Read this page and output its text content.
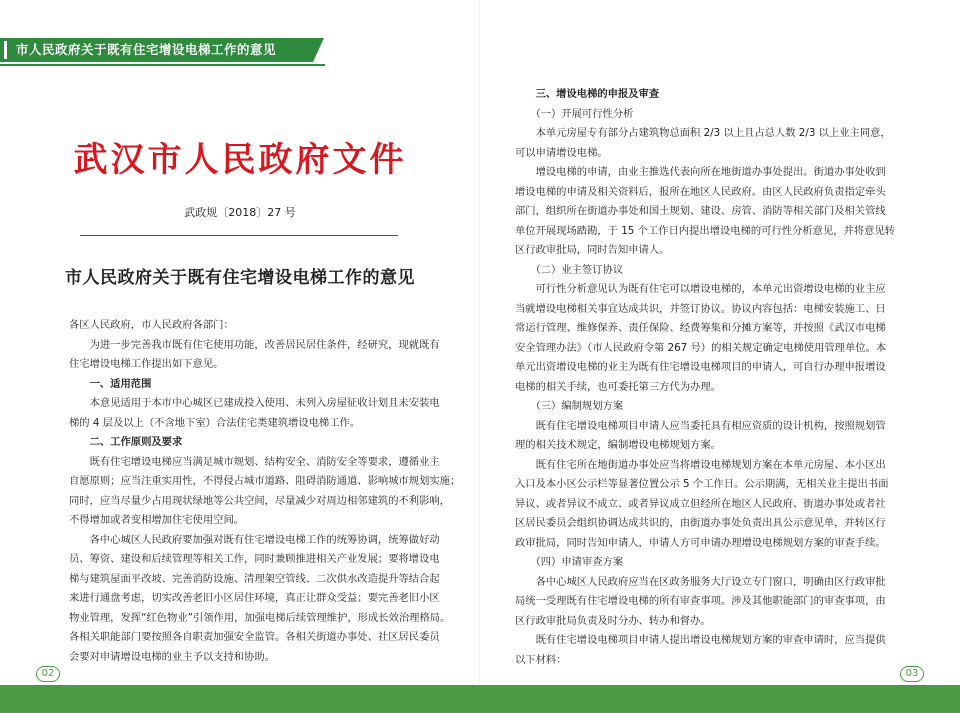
市人民政府关于既有住宅增设电梯工作的意见
武汉市人民政府文件
武政规〔2018〕27 号
市人民政府关于既有住宅增设电梯工作的意见
各区人民政府，市人民政府各部门：
　　为进一步完善我市既有住宅使用功能，改善居民居住条件，经研究，现就既有
住宅增设电梯工作提出如下意见。
　　一、适用范围
　　本意见适用于本市中心城区已建成投入使用、未列入房屋征收计划且未安装电
梯的 4 层及以上（不含地下室）合法住宅类建筑增设电梯工作。
　　二、工作原则及要求
　　既有住宅增设电梯应当满足城市规划、结构安全、消防安全等要求，遵循业主
自愿原则；应当注重实用性，不得侵占城市道路、阻碍消防通道、影响城市规划实施；
同时，应当尽量少占用现状绿地等公共空间，尽量减少对周边相邻建筑的不利影响，
不得增加或者变相增加住宅使用空间。
　　各中心城区人民政府要加强对既有住宅增设电梯工作的统筹协调，统筹做好动
员、筹资、建设和后续管理等相关工作，同时兼顾推进相关产业发展；要将增设电
梯与建筑屋面平改坡、完善消防设施、清理架空管线、二次供水改造提升等结合起
来进行通盘考虑，切实改善老旧小区居住环境，真正让群众受益；要完善老旧小区
物业管理，发挥“红色物业”引领作用，加强电梯后续管理维护，形成长效治理格局。
各相关职能部门要按照各自职责加强安全监管。各相关街道办事处、社区居民委员
会要对申请增设电梯的业主予以支持和协助。
02	03
　　三、增设电梯的申报及审查
　　（一）开展可行性分析
　　本单元房屋专有部分占建筑物总面积 2/3 以上且占总人数 2/3 以上业主同意，
可以申请增设电梯。
　　增设电梯的申请，由业主推选代表向所在地街道办事处提出。街道办事处收到
增设电梯的申请及相关资料后，报所在地区人民政府。由区人民政府负责指定牵头
部门，组织所在街道办事处和国土规划、建设、房管、消防等相关部门及相关管线
单位开展现场踏勘，于 15 个工作日内提出增设电梯的可行性分析意见，并将意见转
区行政审批局，同时告知申请人。
　　（二）业主签订协议
　　可行性分析意见认为既有住宅可以增设电梯的，本单元出资增设电梯的业主应
当就增设电梯相关事宜达成共识，并签订协议。协议内容包括：电梯安装施工、日
常运行管理、维修保养、责任保险、经费筹集和分摊方案等，并按照《武汉市电梯
安全管理办法》（市人民政府令第 267 号）的相关规定确定电梯使用管理单位。本
单元出资增设电梯的业主为既有住宅增设电梯项目的申请人，可自行办理申报增设
电梯的相关手续，也可委托第三方代为办理。
　　（三）编制规划方案
　　既有住宅增设电梯项目申请人应当委托具有相应资质的设计机构，按照规划管
理的相关技术规定，编制增设电梯规划方案。
　　既有住宅所在地街道办事处应当将增设电梯规划方案在本单元房屋、本小区出
入口及本小区公示栏等显著位置公示 5 个工作日。公示期满，无相关业主提出书面
异议、或者异议不成立、或者异议成立但经所在地区人民政府、街道办事处或者社
区居民委员会组织协调达成共识的，由街道办事处负责出具公示意见单，并转区行
政审批局，同时告知申请人，申请人方可申请办理增设电梯规划方案的审查手续。
　　（四）申请审查方案
　　各中心城区人民政府应当在区政务服务大厅设立专门窗口，明确由区行政审批
局统一受理既有住宅增设电梯的所有审查事项。涉及其他职能部门的审查事项，由
区行政审批局负责及时分办、转办和督办。
　　既有住宅增设电梯项目申请人提出增设电梯规划方案的审查申请时，应当提供
以下材料：
